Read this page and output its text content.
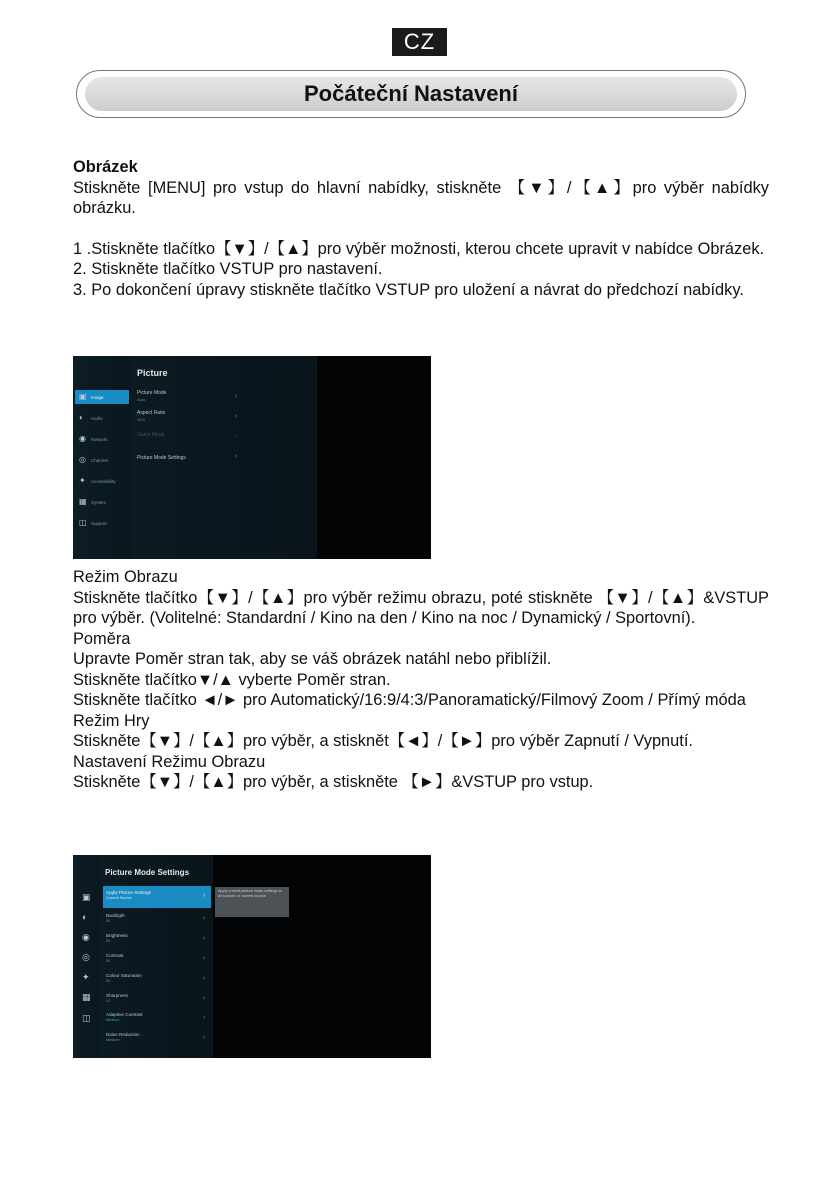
CZ
Počáteční Nastavení

Obrázek

Stiskněte [MENU] pro vstup do hlavní nabídky, stiskněte 【▼】/【▲】pro výběr nabídky obrázku.

1 .Stiskněte tlačítko【▼】/【▲】pro výběr možnosti, kterou chcete upravit v nabídce Obrázek.

2. Stiskněte tlačítko VSTUP pro nastavení.

3. Po dokončení úpravy stiskněte tlačítko VSTUP pro uložení a návrat do předchozí nabídky.

Picture
▣ Image
◐	Audio
◉ Network
◎ Channel
✦ Accessibility
▦ System
◫ Support
Picture Mode
Auto	›
Aspect Ratio
16:9	›
Game Mode	›
Picture Mode Settings	›

Režim Obrazu

Stiskněte tlačítko【▼】/【▲】pro výběr režimu obrazu, poté stiskněte 【▼】/【▲】&VSTUP pro výběr. (Volitelné: Standardní / Kino na den / Kino na noc / Dynamický / Sportovní).

Poměra

Upravte Poměr stran tak, aby se váš obrázek natáhl nebo přiblížil.

Stiskněte tlačítko▼/▲ vyberte Poměr stran.

Stiskněte tlačítko ◄/► pro Automatický/16:9/4:3/Panoramatický/Filmový Zoom / Přímý móda

Režim Hry

Stiskněte【▼】/【▲】pro výběr, a stisknět【◄】/【►】pro výběr Zapnutí / Vypnutí.

Nastavení Režimu Obrazu

Stiskněte【▼】/【▲】pro výběr, a stiskněte 【►】&VSTUP pro vstup.

Picture Mode Settings
▣
◐
◉
◎
✦
▦
◫
Apply current picture mode settings to all sources or current source
Apply Picture Settings
Current Source	›
Backlight
50	›
Brightness
50	›
Contrast
50	›
Colour Saturation
50	›
Sharpness
10	›
Adaptive Contrast
Medium	›
Noise Reduction
Medium	›
